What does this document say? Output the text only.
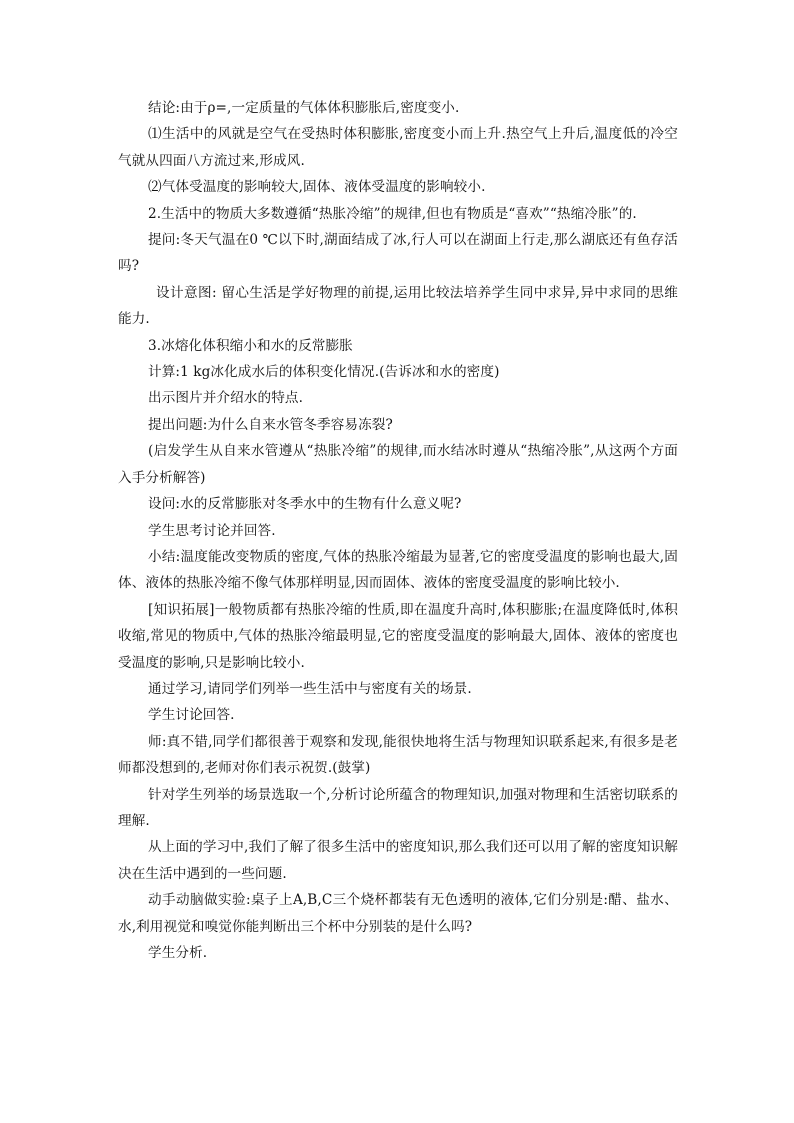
结论:由于ρ=,一定质量的气体体积膨胀后,密度变小.

⑴生活中的风就是空气在受热时体积膨胀,密度变小而上升.热空气上升后,温度低的冷空气就从四面八方流过来,形成风.

⑵气体受温度的影响较大,固体、液体受温度的影响较小.

2.生活中的物质大多数遵循“热胀冷缩”的规律,但也有物质是“喜欢”“热缩冷胀”的.

提问:冬天气温在0 ℃以下时,湖面结成了冰,行人可以在湖面上行走,那么湖底还有鱼存活吗?

设计意图: 留心生活是学好物理的前提,运用比较法培养学生同中求异,异中求同的思维能力.

3.冰熔化体积缩小和水的反常膨胀

计算:1 kg冰化成水后的体积变化情况.(告诉冰和水的密度)

出示图片并介绍水的特点.

提出问题:为什么自来水管冬季容易冻裂?

(启发学生从自来水管遵从“热胀冷缩”的规律,而水结冰时遵从“热缩冷胀”,从这两个方面入手分析解答)

设问:水的反常膨胀对冬季水中的生物有什么意义呢?

学生思考讨论并回答.

小结:温度能改变物质的密度,气体的热胀冷缩最为显著,它的密度受温度的影响也最大,固体、液体的热胀冷缩不像气体那样明显,因而固体、液体的密度受温度的影响比较小.

[知识拓展]一般物质都有热胀冷缩的性质,即在温度升高时,体积膨胀;在温度降低时,体积收缩,常见的物质中,气体的热胀冷缩最明显,它的密度受温度的影响最大,固体、液体的密度也受温度的影响,只是影响比较小.

通过学习,请同学们列举一些生活中与密度有关的场景.

学生讨论回答.

师:真不错,同学们都很善于观察和发现,能很快地将生活与物理知识联系起来,有很多是老师都没想到的,老师对你们表示祝贺.(鼓掌)

针对学生列举的场景选取一个,分析讨论所蕴含的物理知识,加强对物理和生活密切联系的理解.

从上面的学习中,我们了解了很多生活中的密度知识,那么我们还可以用了解的密度知识解决在生活中遇到的一些问题.

动手动脑做实验:桌子上A,B,C三个烧杯都装有无色透明的液体,它们分别是:醋、盐水、水,利用视觉和嗅觉你能判断出三个杯中分别装的是什么吗?

学生分析.
